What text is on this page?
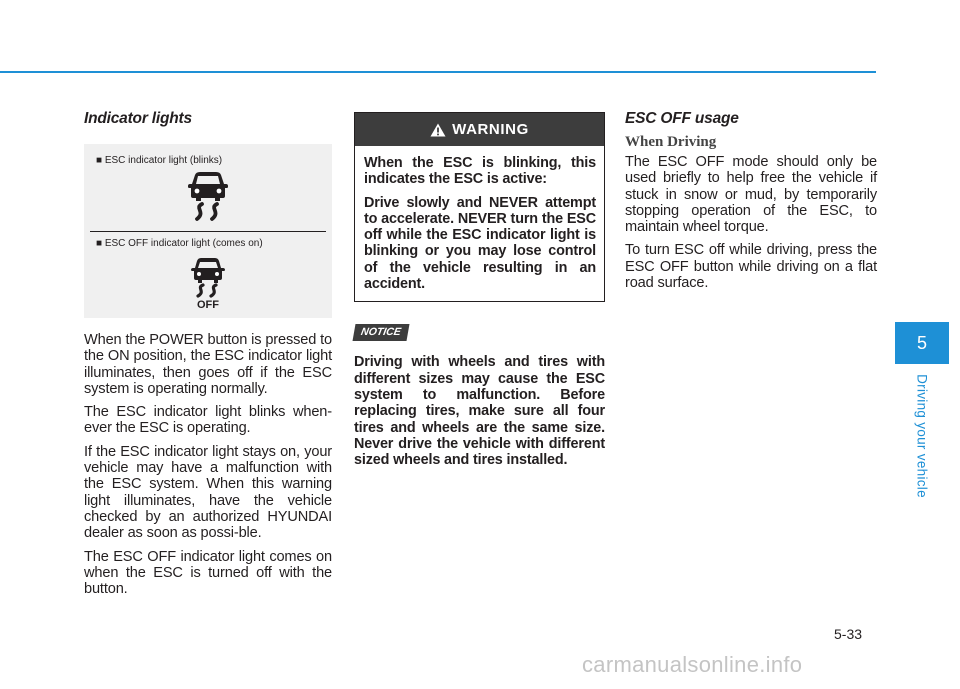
Indicator lights
■ ESC indicator light (blinks)
■ ESC OFF indicator light (comes on)
OFF

When the POWER button is pressed to the ON position, the ESC indicator light illuminates, then goes off if the ESC system is operating normally.

The ESC indicator light blinks when-ever the ESC is operating.

If the ESC indicator light stays on, your vehicle may have a malfunction with the ESC system. When this warning light illuminates, have the vehicle checked by an authorized HYUNDAI dealer as soon as possi-ble.

The ESC OFF indicator light comes on when the ESC is turned off with the button.

WARNING

When the ESC is blinking, this indicates the ESC is active:

Drive slowly and NEVER attempt to accelerate. NEVER turn the ESC off while the ESC indicator light is blinking or you may lose control of the vehicle resulting in an accident.

NOTICE

Driving with wheels and tires with different sizes may cause the ESC system to malfunction. Before replacing tires, make sure all four tires and wheels are the same size. Never drive the vehicle with different sized wheels and tires installed.

ESC OFF usage
When Driving

The ESC OFF mode should only be used briefly to help free the vehicle if stuck in snow or mud, by temporarily stopping operation of the ESC, to maintain wheel torque.

To turn ESC off while driving, press the ESC OFF button while driving on a flat road surface.

5
Driving your vehicle
5-33
carmanualsonline.info
